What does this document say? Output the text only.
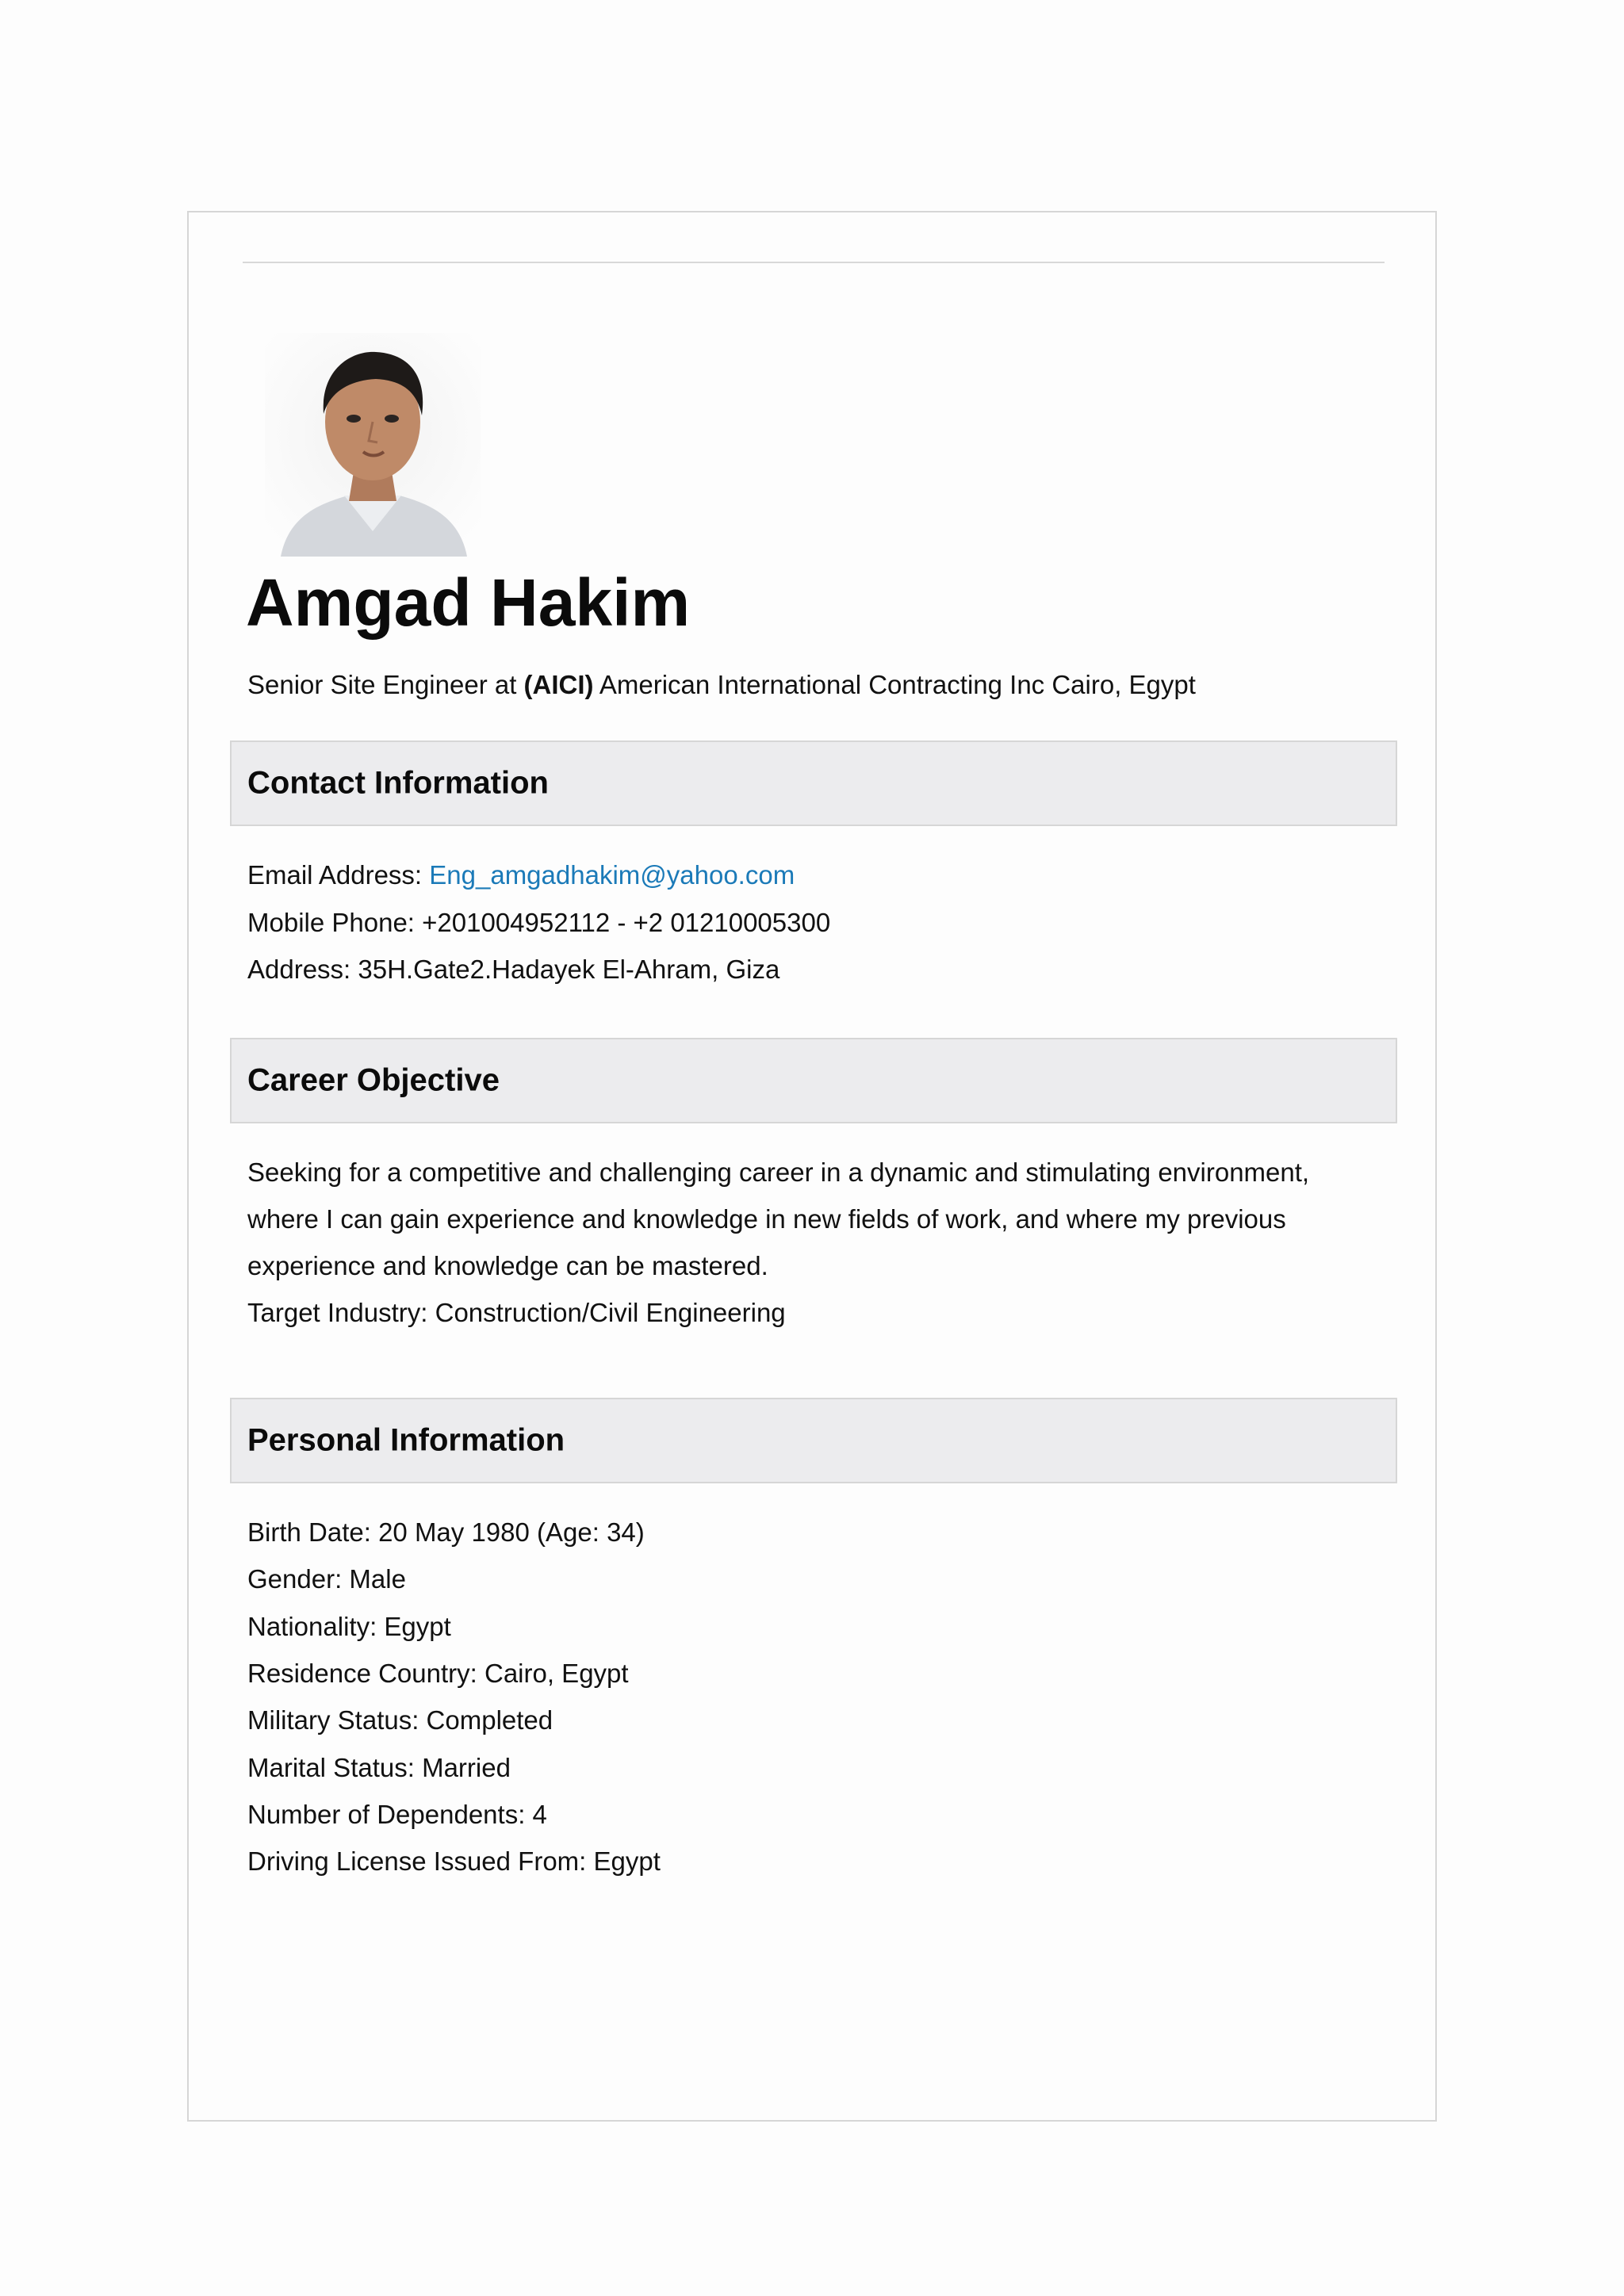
Amgad Hakim
Senior Site Engineer at (AICI) American International Contracting Inc Cairo, Egypt
Contact Information
Email Address: Eng_amgadhakim@yahoo.com
Mobile Phone: +201004952112 - +2 01210005300
Address: 35H.Gate2.Hadayek El-Ahram, Giza
Career Objective
Seeking for a competitive and challenging career in a dynamic and stimulating environment,
where I can gain experience and knowledge in new fields of work, and where my previous
experience and knowledge can be mastered.
Target Industry: Construction/Civil Engineering
Personal Information
Birth Date: 20 May 1980 (Age: 34)
Gender: Male
Nationality: Egypt
Residence Country: Cairo, Egypt
Military Status: Completed
Marital Status: Married
Number of Dependents: 4
Driving License Issued From: Egypt
